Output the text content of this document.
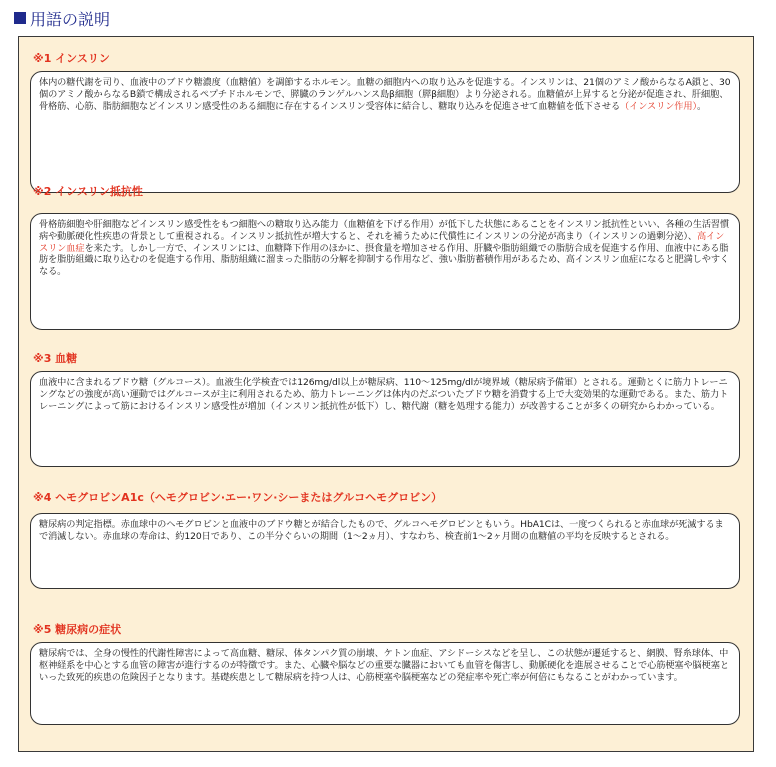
用語の説明
※1 インスリン

体内の糖代謝を司り、血液中のブドウ糖濃度（血糖値）を調節するホルモン。血糖の細胞内への取り込みを促進する。インスリンは、21個のアミノ酸からなるA鎖と、30個のアミノ酸からなるB鎖で構成されるペプチドホルモンで、膵臓のランゲルハンス島β細胞（膵β細胞）より分泌される。血糖値が上昇すると分泌が促進され、肝細胞、骨格筋、心筋、脂肪細胞などインスリン感受性のある細胞に存在するインスリン受容体に結合し、糖取り込みを促進させて血糖値を低下させる（インスリン作用）。

※2 インスリン抵抗性

骨格筋細胞や肝細胞などインスリン感受性をもつ細胞への糖取り込み能力（血糖値を下げる作用）が低下した状態にあることをインスリン抵抗性といい、各種の生活習慣病や動脈硬化性疾患の背景として重視される。インスリン抵抗性が増大すると、それを補うために代償性にインスリンの分泌が高まり（インスリンの過剰分泌）、高インスリン血症を来たす。しかし一方で、インスリンには、血糖降下作用のほかに、摂食量を増加させる作用、肝臓や脂肪組織での脂肪合成を促進する作用、血液中にある脂肪を脂肪組織に取り込むのを促進する作用、脂肪組織に溜まった脂肪の分解を抑制する作用など、強い脂肪蓄積作用があるため、高インスリン血症になると肥満しやすくなる。

※3 血糖

血液中に含まれるブドウ糖（グルコース）。血液生化学検査では126mg/dl以上が糖尿病、110〜125mg/dlが境界域（糖尿病予備軍）とされる。運動とくに筋力トレーニングなどの強度が高い運動ではグルコースが主に利用されるため、筋力トレーニングは体内のだぶついたブドウ糖を消費する上で大変効果的な運動である。また、筋力トレーニングによって筋におけるインスリン感受性が増加（インスリン抵抗性が低下）し、糖代謝（糖を処理する能力）が改善することが多くの研究からわかっている。

※4 ヘモグロビンA1c（ヘモグロビン·エー·ワン·シーまたはグルコヘモグロビン）

糖尿病の判定指標。赤血球中のヘモグロビンと血液中のブドウ糖とが結合したもので、グルコヘモグロビンともいう。HbA1Cは、一度つくられると赤血球が死滅するまで消滅しない。赤血球の寿命は、約120日であり、この半分ぐらいの期間（1〜2ヵ月）、すなわち、検査前1〜2ヶ月間の血糖値の平均を反映するとされる。

※5 糖尿病の症状

糖尿病では、全身の慢性的代謝性障害によって高血糖、糖尿、体タンパク質の崩壊、ケトン血症、アシドーシスなどを呈し、この状態が遷延すると、網膜、腎糸球体、中枢神経系を中心とする血管の障害が進行するのが特徴です。また、心臓や脳などの重要な臓器においても血管を傷害し、動脈硬化を進展させることで心筋梗塞や脳梗塞といった致死的疾患の危険因子となります。基礎疾患として糖尿病を持つ人は、心筋梗塞や脳梗塞などの発症率や死亡率が何倍にもなることがわかっています。
